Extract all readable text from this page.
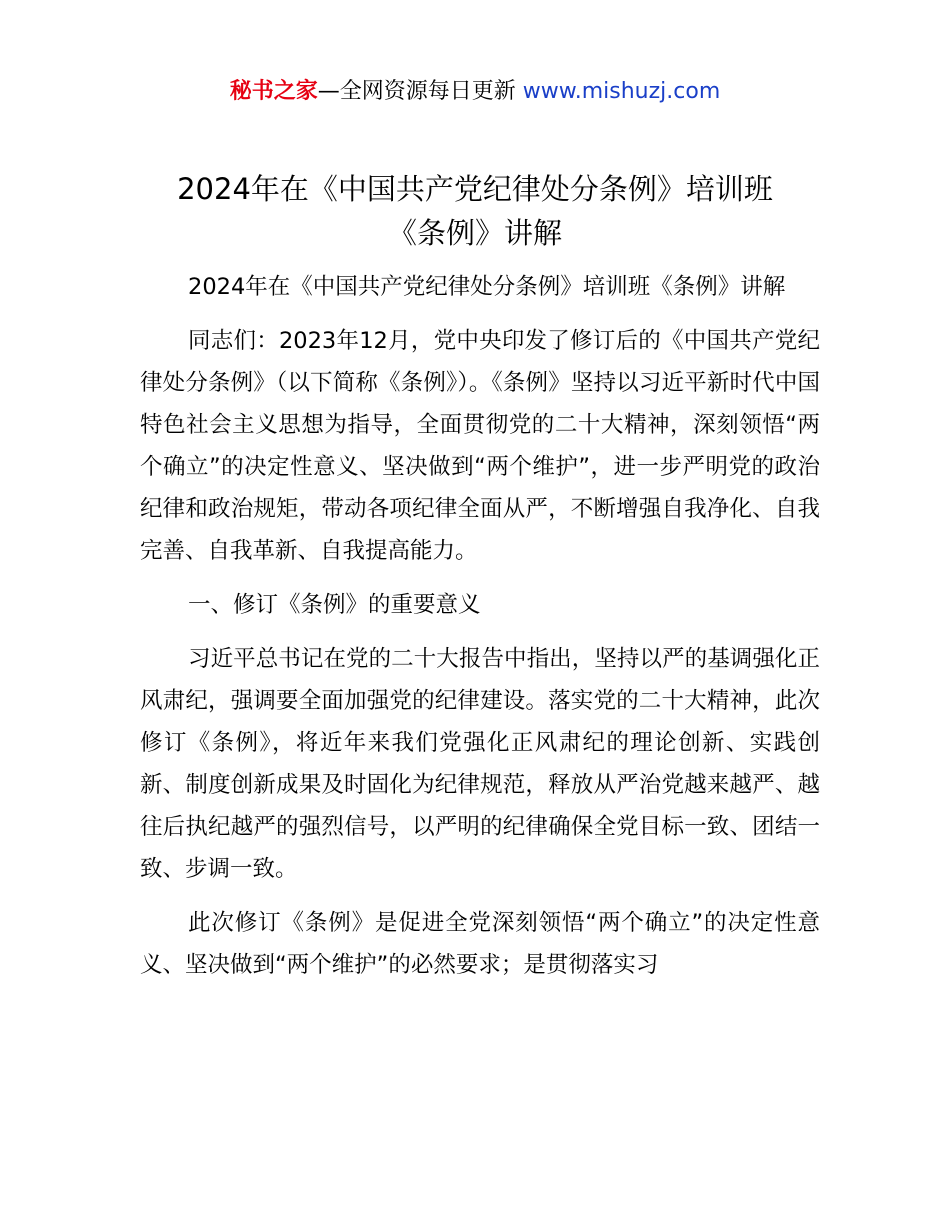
秘书之家—全网资源每日更新 www.mishuzj.com
2024年在《中国共产党纪律处分条例》培训班
《条例》讲解

2024年在《中国共产党纪律处分条例》培训班《条例》讲解

同志们：2023年12月，党中央印发了修订后的《中国共产党纪律处分条例》（以下简称《条例》）。《条例》坚持以习近平新时代中国特色社会主义思想为指导，全面贯彻党的二十大精神，深刻领悟“两个确立”的决定性意义、坚决做到“两个维护”，进一步严明党的政治纪律和政治规矩，带动各项纪律全面从严，不断增强自我净化、自我完善、自我革新、自我提高能力。

一、修订《条例》的重要意义

习近平总书记在党的二十大报告中指出，坚持以严的基调强化正风肃纪，强调要全面加强党的纪律建设。落实党的二十大精神，此次修订《条例》，将近年来我们党强化正风肃纪的理论创新、实践创新、制度创新成果及时固化为纪律规范，释放从严治党越来越严、越往后执纪越严的强烈信号，以严明的纪律确保全党目标一致、团结一致、步调一致。

此次修订《条例》是促进全党深刻领悟“两个确立”的决定性意义、坚决做到“两个维护”的必然要求；是贯彻落实习
